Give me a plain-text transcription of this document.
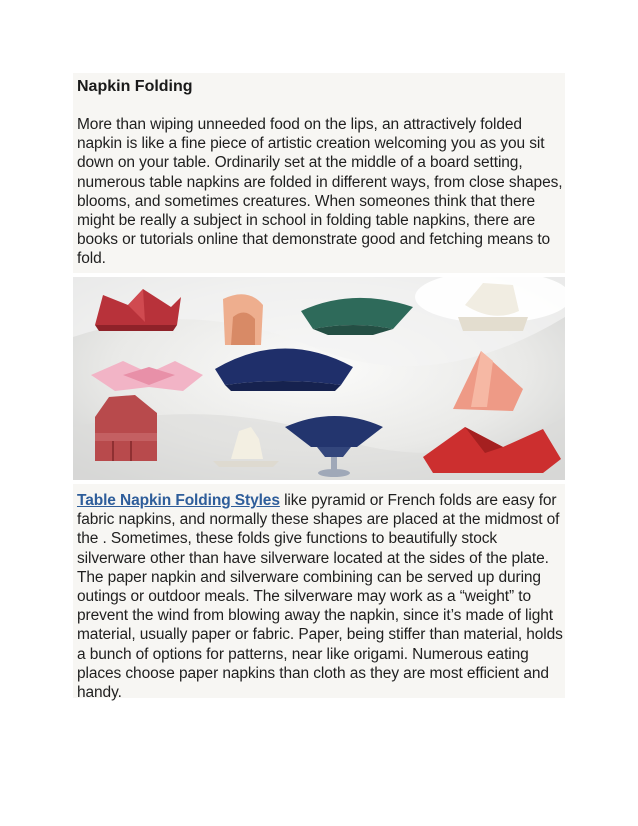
Napkin Folding

More than wiping unneeded food on the lips, an attractively folded napkin is like a fine piece of artistic creation welcoming you as you sit down on your table. Ordinarily set at the middle of a board setting, numerous table napkins are folded in different ways, from close shapes, blooms, and sometimes creatures. When someones think that there might be really a subject in school in folding table napkins, there are books or tutorials online that demonstrate good and fetching means to fold.

Table Napkin Folding Styles like pyramid or French folds are easy for fabric napkins, and normally these shapes are placed at the midmost of the . Sometimes, these folds give functions to beautifully stock silverware other than have silverware located at the sides of the plate. The paper napkin and silverware combining can be served up during outings or outdoor meals. The silverware may work as a “weight” to prevent the wind from blowing away the napkin, since it’s made of light material, usually paper or fabric. Paper, being stiffer than material, holds a bunch of options for patterns, near like origami. Numerous eating places choose paper napkins than cloth as they are most efficient and handy.
